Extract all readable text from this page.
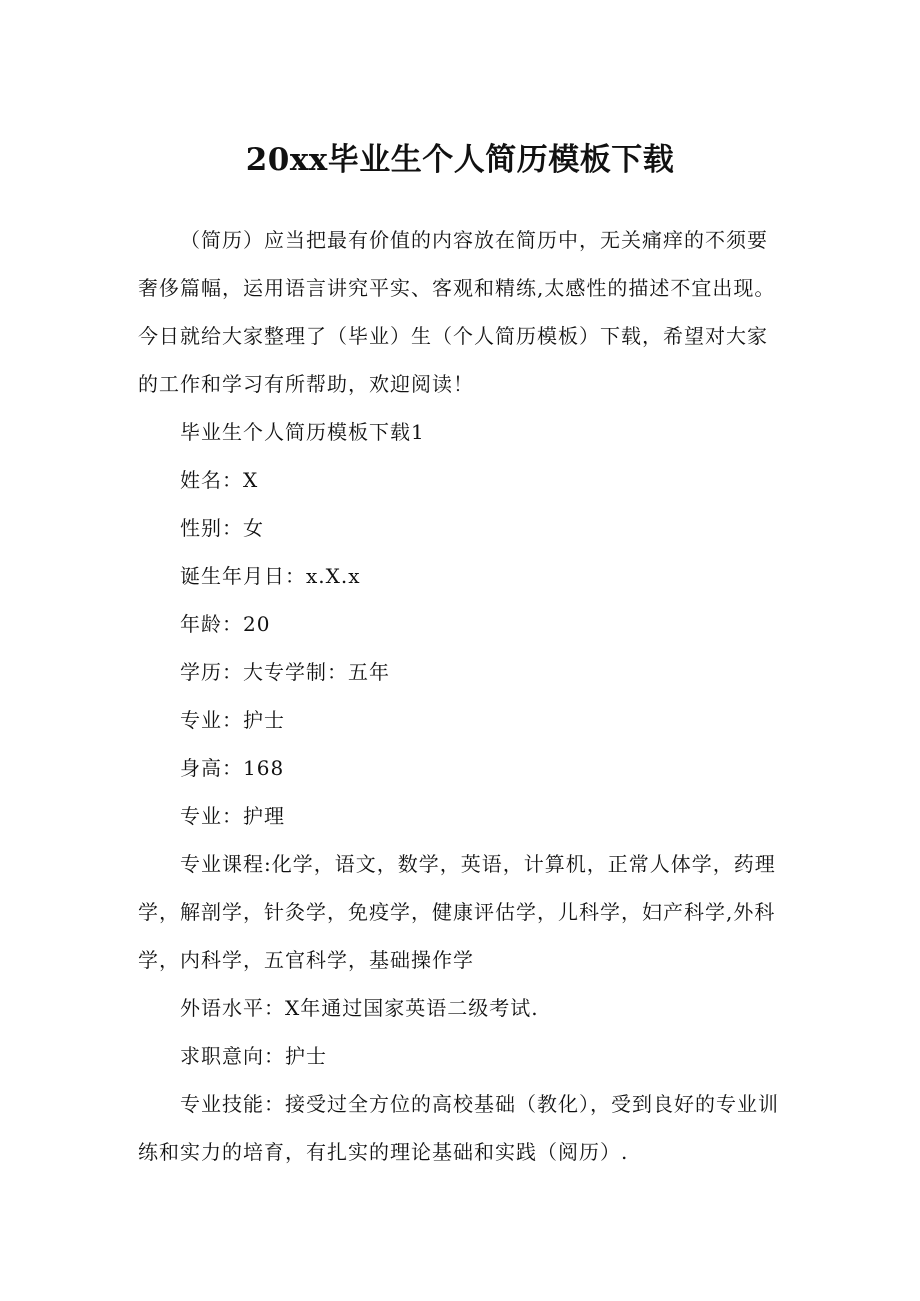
20xx毕业生个人简历模板下载

（简历）应当把最有价值的内容放在简历中，无关痛痒的不须要奢侈篇幅，运用语言讲究平实、客观和精练,太感性的描述不宜出现。今日就给大家整理了（毕业）生（个人简历模板）下载，希望对大家的工作和学习有所帮助，欢迎阅读！

毕业生个人简历模板下载1

姓名：X

性别：女

诞生年月日：x.X.x

年龄：20

学历：大专学制：五年

专业：护士

身高：168

专业：护理

专业课程:化学，语文，数学，英语，计算机，正常人体学，药理学，解剖学，针灸学，免疫学，健康评估学，儿科学，妇产科学,外科学，内科学，五官科学，基础操作学

外语水平：X年通过国家英语二级考试.

求职意向：护士

专业技能：接受过全方位的高校基础（教化），受到良好的专业训练和实力的培育，有扎实的理论基础和实践（阅历）.
